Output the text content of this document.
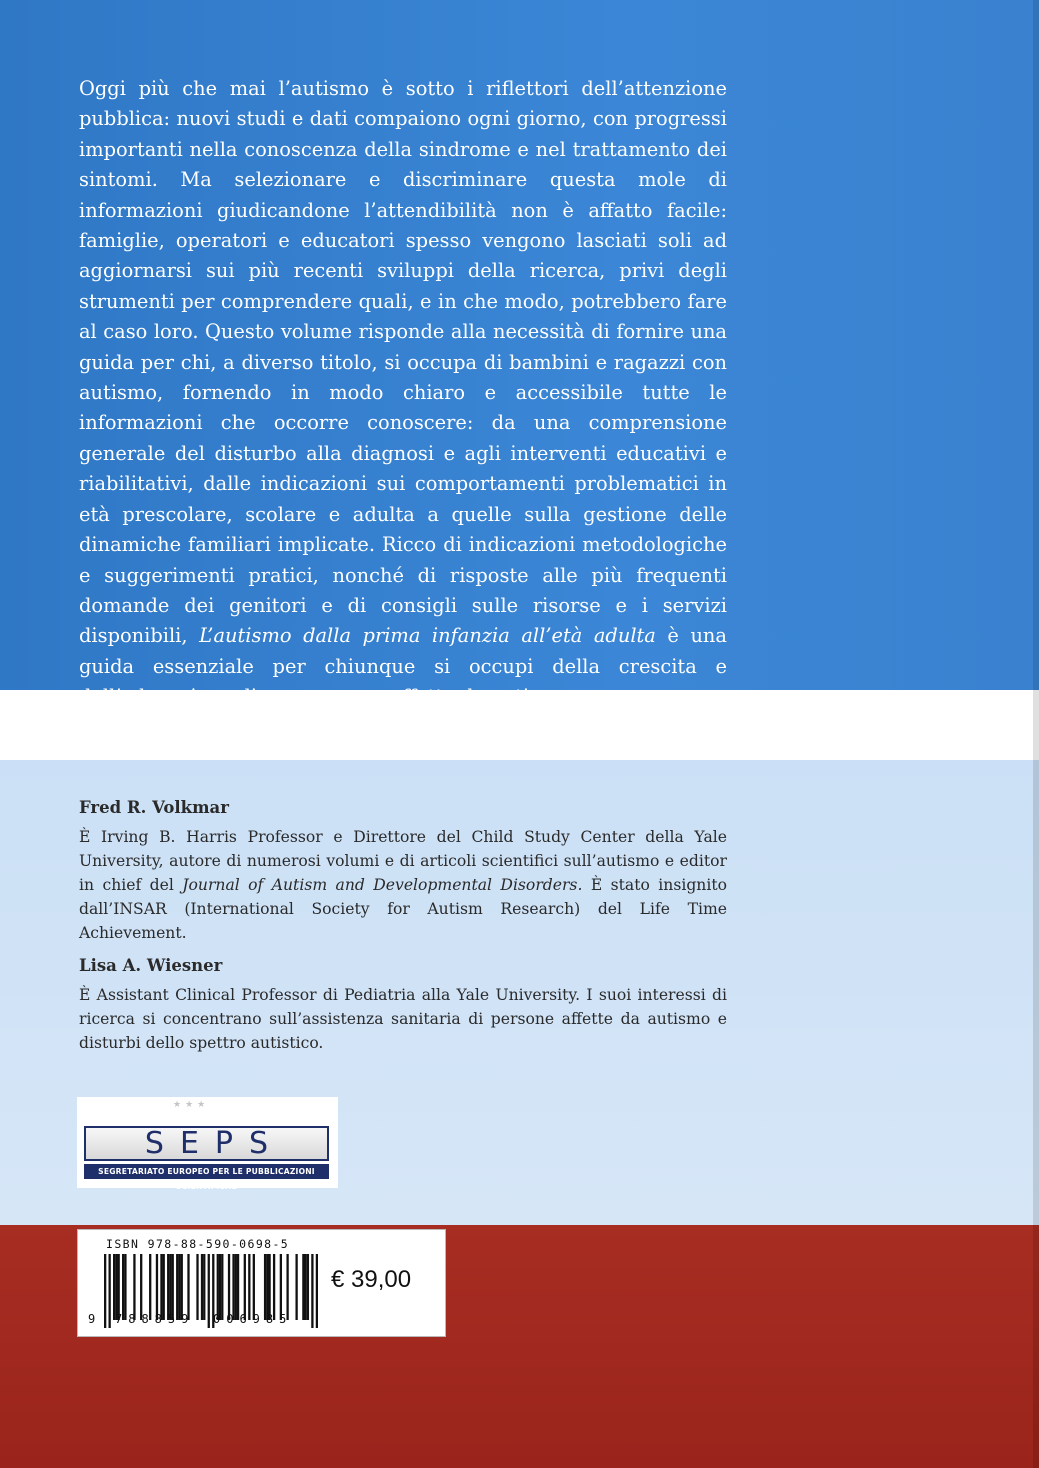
Oggi più che mai l’autismo è sotto i riflettori dell’attenzione pubblica: nuovi studi e dati compaiono ogni giorno, con progressi importanti nella conoscenza della sindrome e nel trattamento dei sintomi. Ma selezionare e discriminare questa mole di informazioni giudicandone l’attendibilità non è affatto facile: famiglie, operatori e educatori spesso vengono lasciati soli ad aggiornarsi sui più recenti sviluppi della ricerca, privi degli strumenti per comprendere quali, e in che modo, potrebbero fare al caso loro. Questo volume risponde alla necessità di fornire una guida per chi, a diverso titolo, si occupa di bambini e ragazzi con autismo, fornendo in modo chiaro e accessibile tutte le informazioni che occorre conoscere: da una comprensione generale del disturbo alla diagnosi e agli interventi educativi e riabilitativi, dalle indicazioni sui comportamenti problematici in età prescolare, scolare e adulta a quelle sulla gestione delle dinamiche familiari implicate. Ricco di indicazioni metodologiche e suggerimenti pratici, nonché di risposte alle più frequenti domande dei genitori e di consigli sulle risorse e i servizi disponibili, L’autismo dalla prima infanzia all’età adulta è una guida essenziale per chiunque si occupi della crescita e dell’educazione di una persona affetta da autismo.

Fred R. Volkmar

È Irving B. Harris Professor e Direttore del Child Study Center della Yale University, autore di numerosi volumi e di articoli scientifici sull’autismo e editor in chief del Journal of Autism and Developmental Disorders. È stato insignito dall’INSAR (International Society for Autism Research) del Life Time Achievement.

Lisa A. Wiesner

È Assistant Clinical Professor di Pediatria alla Yale University. I suoi interessi di ricerca si concentrano sull’assistenza sanitaria di persone affette da autismo e disturbi dello spettro autistico.

★★★
SEPS
SEGRETARIATO EUROPEO PER LE PUBBLICAZIONI SCIENTIFICHE
ISBN 978-88-590-0698-5
9 788859 006985
€ 39,00
